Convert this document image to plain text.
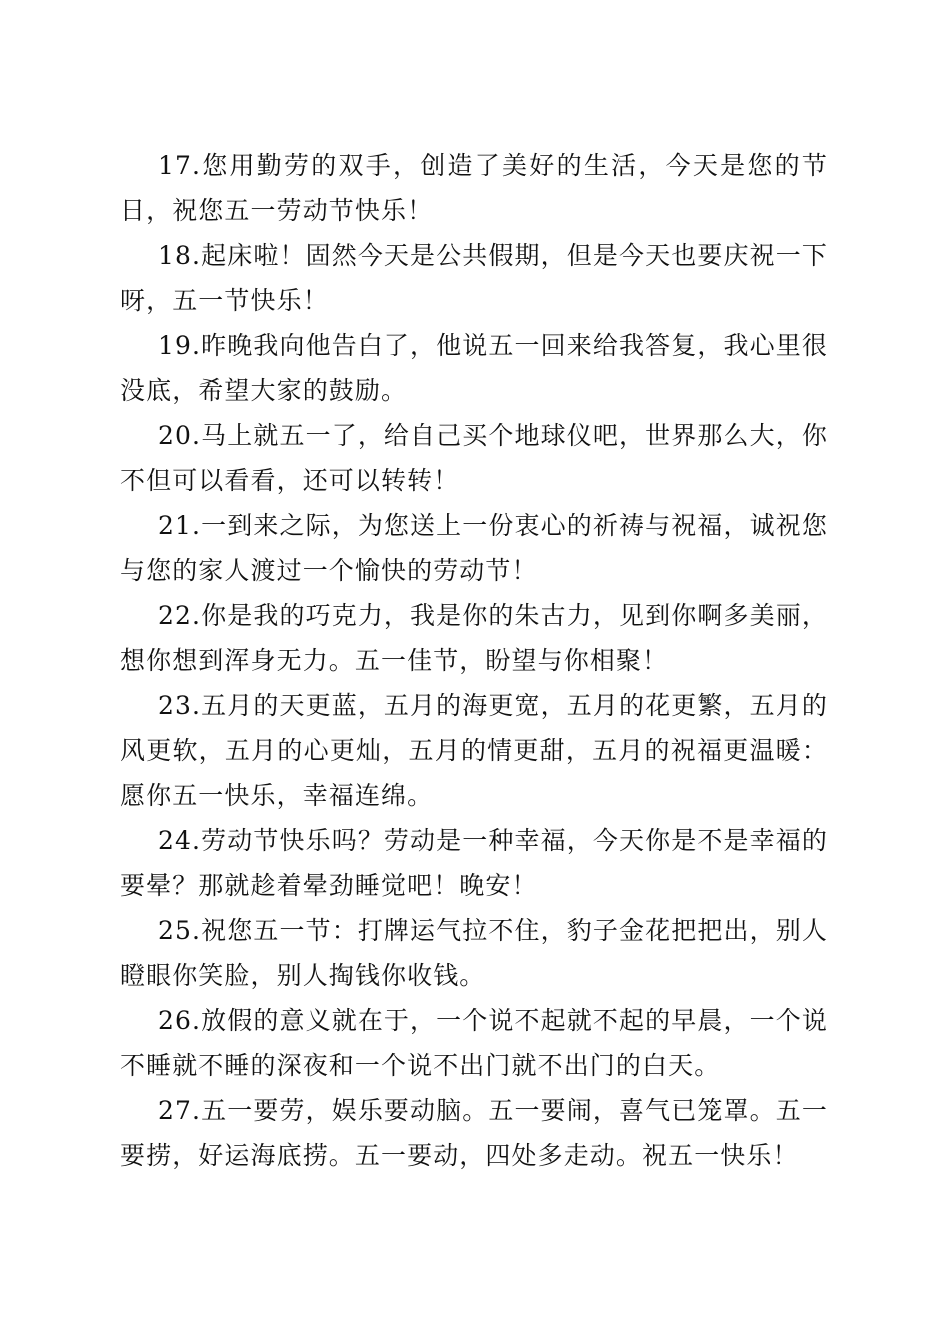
17.您用勤劳的双手，创造了美好的生活，今天是您的节日，祝您五一劳动节快乐！

18.起床啦！固然今天是公共假期，但是今天也要庆祝一下呀，五一节快乐！

19.昨晚我向他告白了，他说五一回来给我答复，我心里很没底，希望大家的鼓励。

20.马上就五一了，给自己买个地球仪吧，世界那么大，你不但可以看看，还可以转转！

21.一到来之际，为您送上一份衷心的祈祷与祝福，诚祝您与您的家人渡过一个愉快的劳动节！

22.你是我的巧克力，我是你的朱古力，见到你啊多美丽，想你想到浑身无力。五一佳节，盼望与你相聚！

23.五月的天更蓝，五月的海更宽，五月的花更繁，五月的风更软，五月的心更灿，五月的情更甜，五月的祝福更温暖：愿你五一快乐，幸福连绵。

24.劳动节快乐吗？劳动是一种幸福，今天你是不是幸福的要晕？那就趁着晕劲睡觉吧！晚安！

25.祝您五一节：打牌运气拉不住，豹子金花把把出，别人瞪眼你笑脸，别人掏钱你收钱。

26.放假的意义就在于，一个说不起就不起的早晨，一个说不睡就不睡的深夜和一个说不出门就不出门的白天。

27.五一要劳，娱乐要动脑。五一要闹，喜气已笼罩。五一要捞，好运海底捞。五一要动，四处多走动。祝五一快乐！
